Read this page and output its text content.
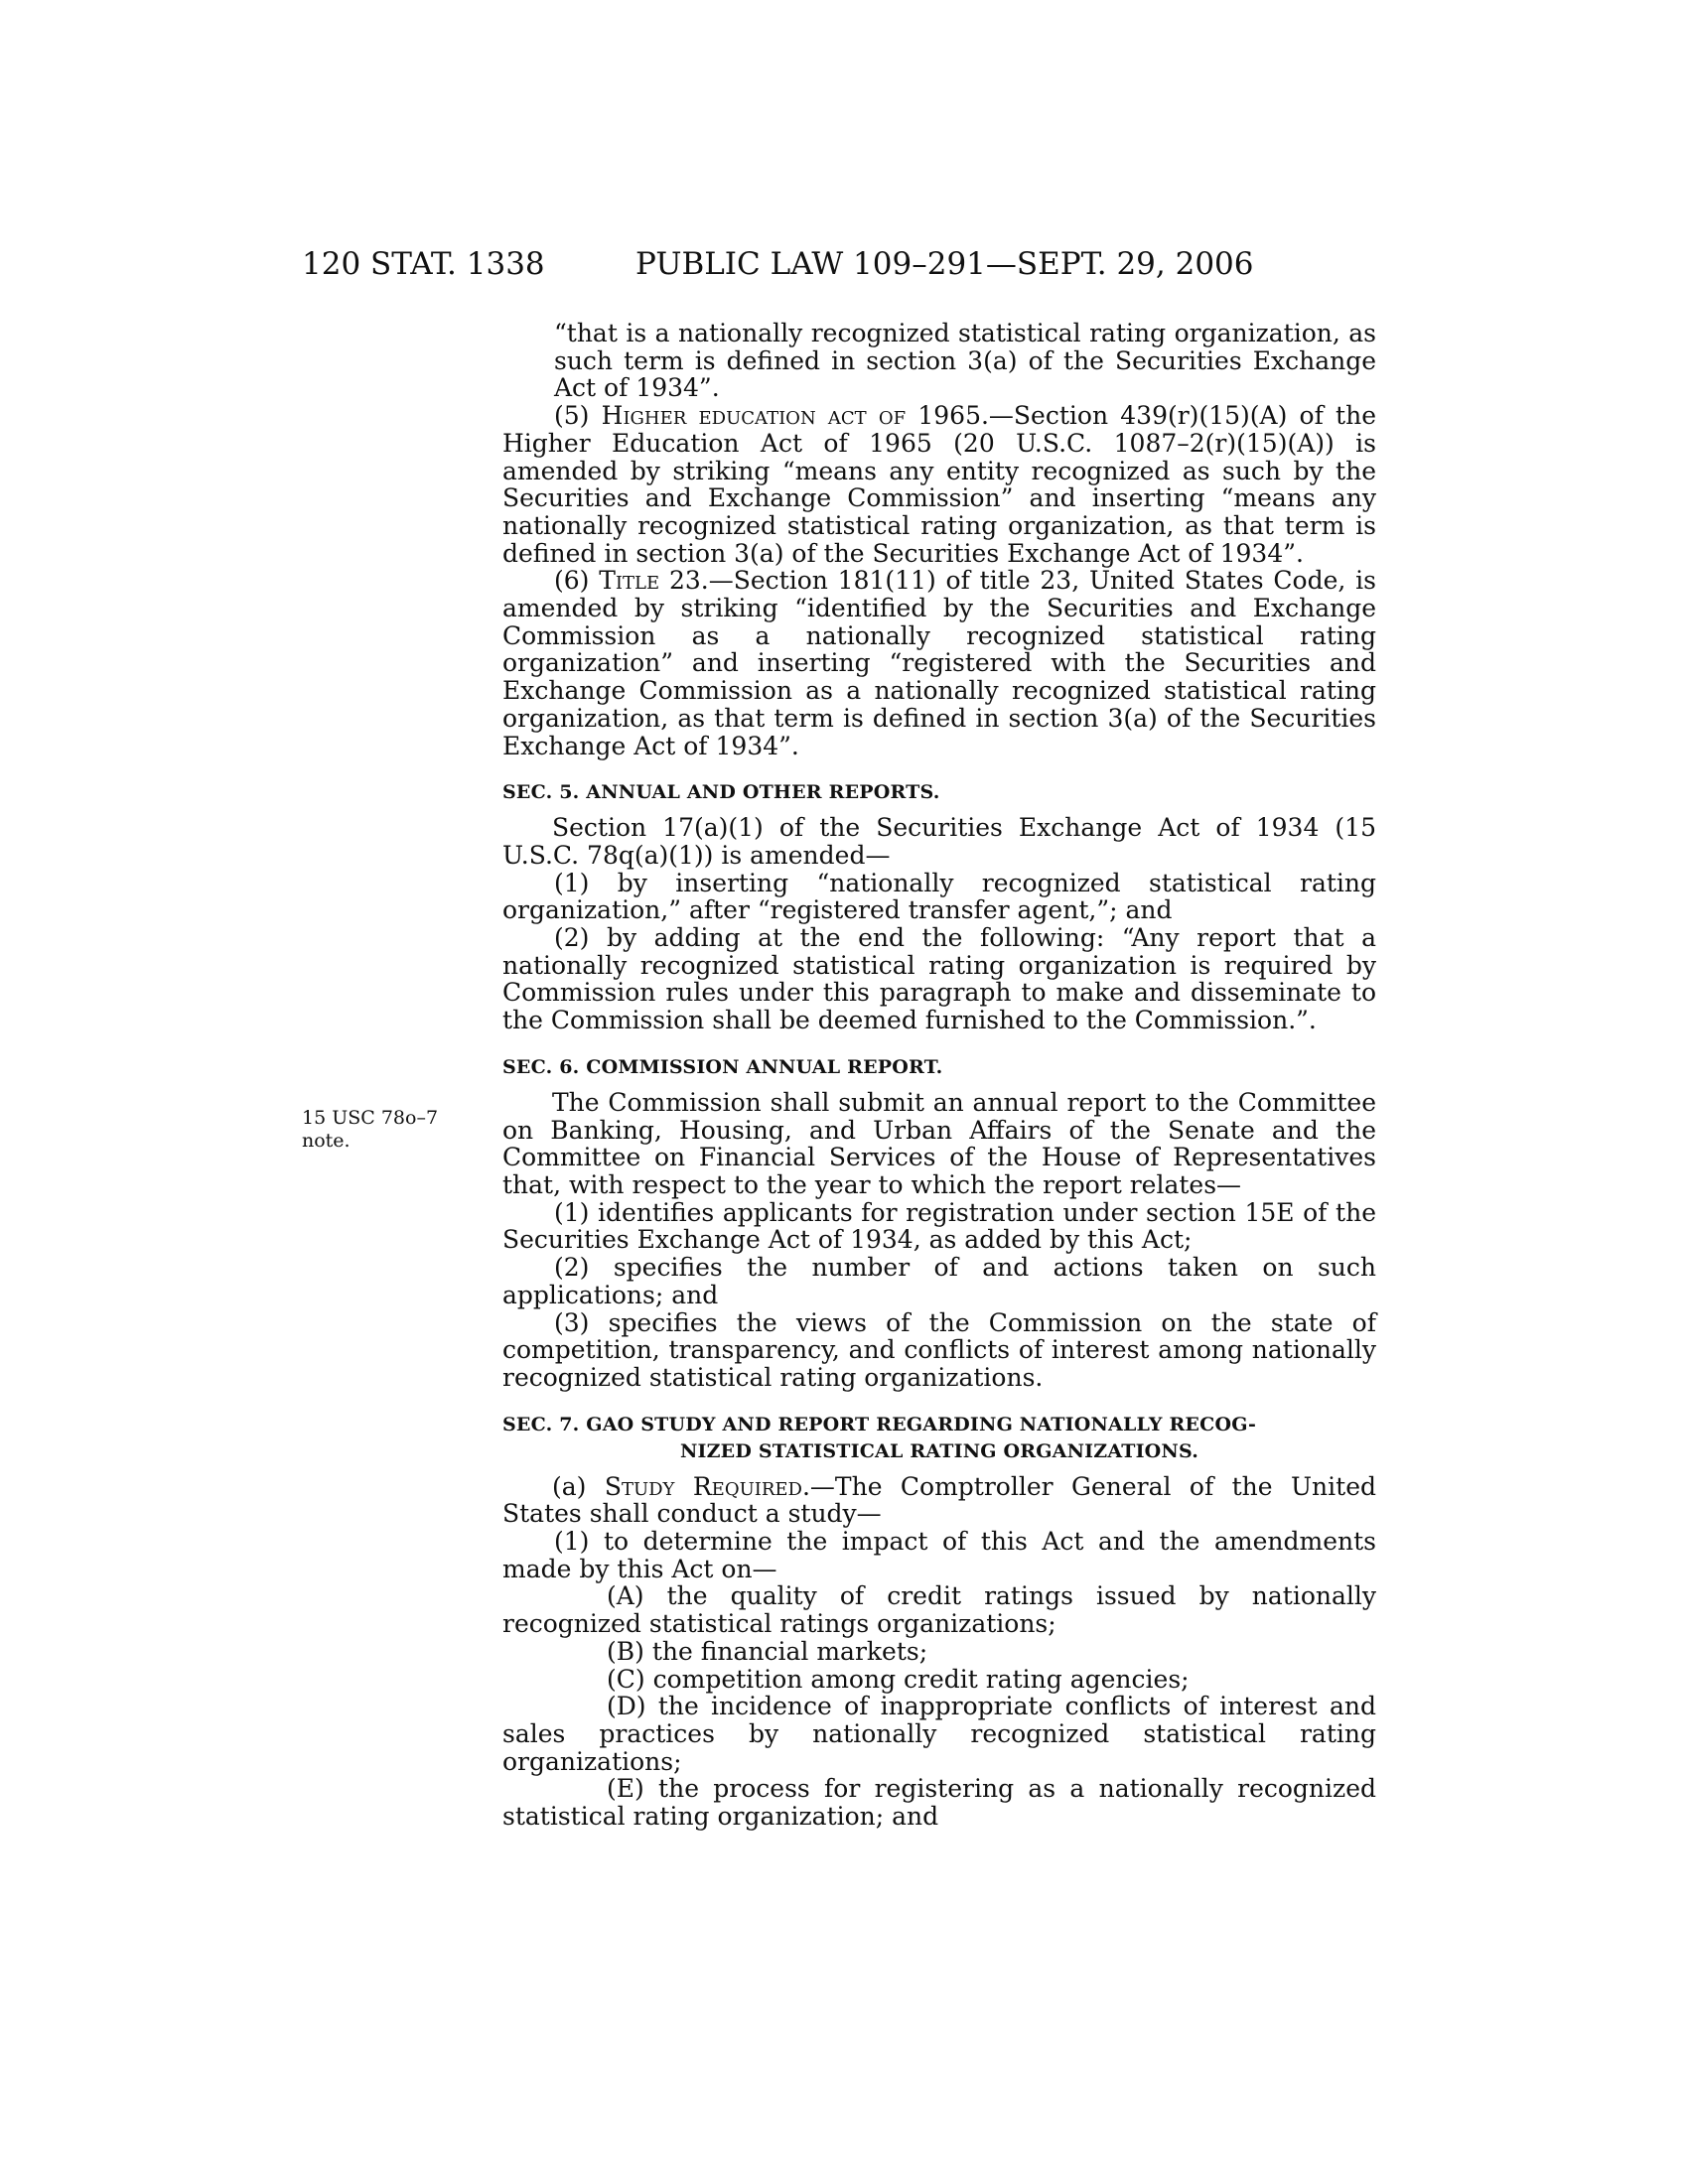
120 STAT. 1338	PUBLIC LAW 109–291—SEPT. 29, 2006
15 USC 78o–7
note.

“that is a nationally recognized statistical rating organization, as such term is defined in section 3(a) of the Securities Exchange Act of 1934”.

(5) Higher education act of 1965.—Section 439(r)(15)(A) of the Higher Education Act of 1965 (20 U.S.C. 1087–2(r)(15)(A)) is amended by striking “means any entity recognized as such by the Securities and Exchange Commission” and inserting “means any nationally recognized statistical rating organization, as that term is defined in section 3(a) of the Securities Exchange Act of 1934”.

(6) Title 23.—Section 181(11) of title 23, United States Code, is amended by striking “identified by the Securities and Exchange Commission as a nationally recognized statistical rating organization” and inserting “registered with the Securities and Exchange Commission as a nationally recognized statistical rating organization, as that term is defined in section 3(a) of the Securities Exchange Act of 1934”.

SEC. 5. ANNUAL AND OTHER REPORTS.

Section 17(a)(1) of the Securities Exchange Act of 1934 (15 U.S.C. 78q(a)(1)) is amended—

(1) by inserting “nationally recognized statistical rating organization,” after “registered transfer agent,”; and

(2) by adding at the end the following: “Any report that a nationally recognized statistical rating organization is required by Commission rules under this paragraph to make and disseminate to the Commission shall be deemed furnished to the Commission.”.

SEC. 6. COMMISSION ANNUAL REPORT.

The Commission shall submit an annual report to the Committee on Banking, Housing, and Urban Affairs of the Senate and the Committee on Financial Services of the House of Representatives that, with respect to the year to which the report relates—

(1) identifies applicants for registration under section 15E of the Securities Exchange Act of 1934, as added by this Act;

(2) specifies the number of and actions taken on such applications; and

(3) specifies the views of the Commission on the state of competition, transparency, and conflicts of interest among nationally recognized statistical rating organizations.

SEC. 7. GAO STUDY AND REPORT REGARDING NATIONALLY RECOG-
NIZED STATISTICAL RATING ORGANIZATIONS.

(a) Study Required.—The Comptroller General of the United States shall conduct a study—

(1) to determine the impact of this Act and the amendments made by this Act on—

(A) the quality of credit ratings issued by nationally recognized statistical ratings organizations;

(B) the financial markets;

(C) competition among credit rating agencies;

(D) the incidence of inappropriate conflicts of interest and sales practices by nationally recognized statistical rating organizations;

(E) the process for registering as a nationally recognized statistical rating organization; and
